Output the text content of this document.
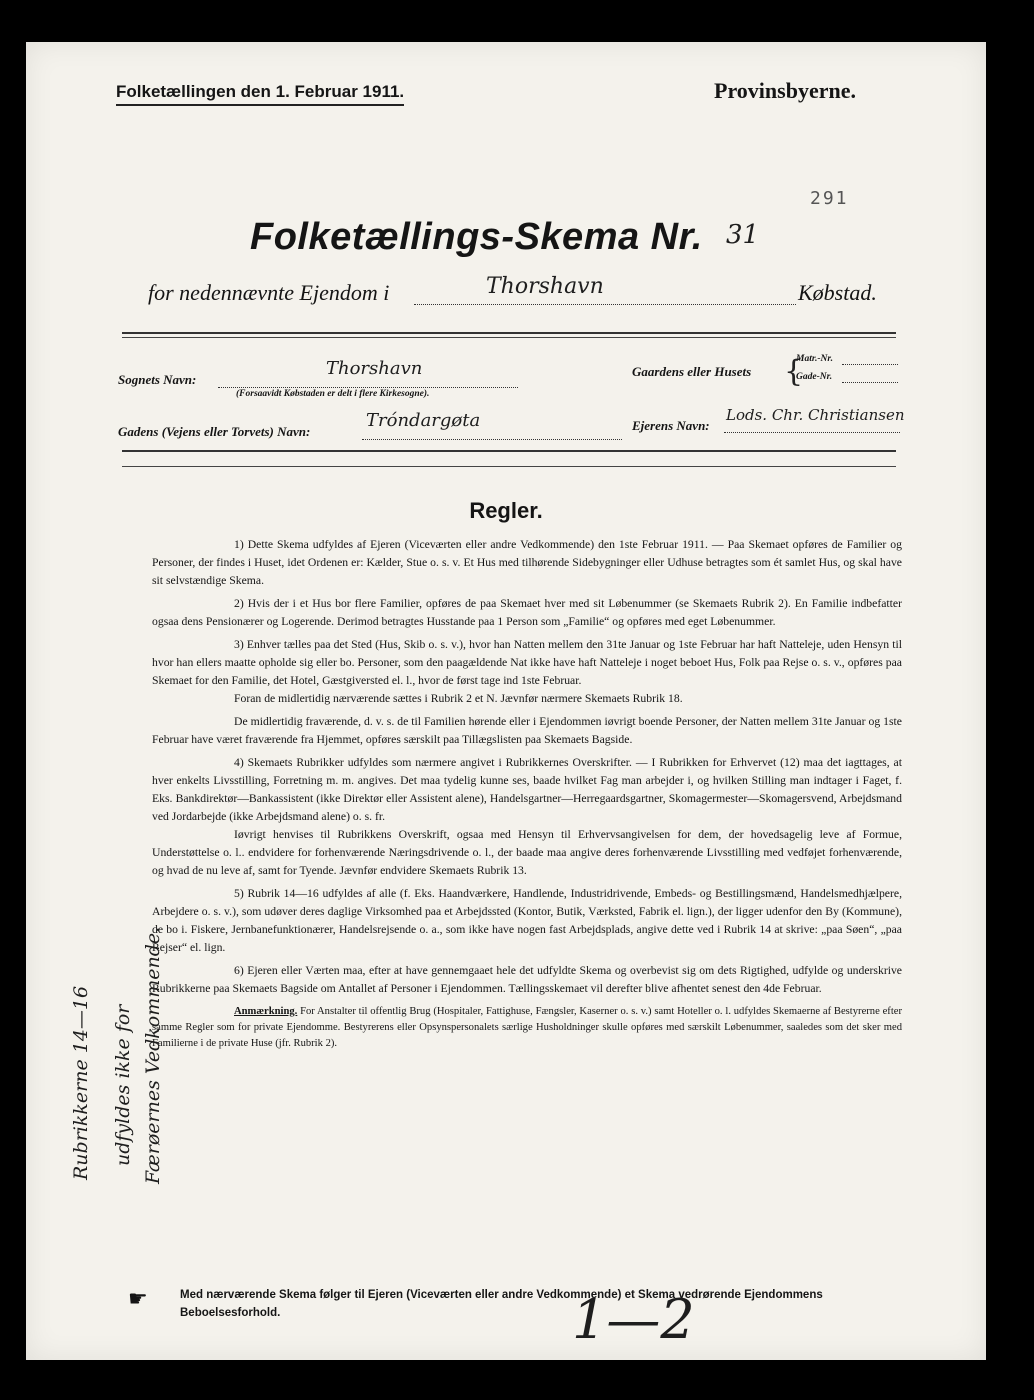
Folketællingen den 1. Februar 1911.	Provinsbyerne.
291
Folketællings-Skema Nr. 31
for nedennævnte Ejendom i	Thorshavn	Købstad.
Sognets Navn:
Thorshavn
(Forsaavidt Købstaden er delt i flere Kirkesogne).
Gaardens eller Husets {
Matr.-Nr.
Gade-Nr.
Gadens (Vejens eller Torvets) Navn:
Tróndargøta	Ejerens Navn:
Lods. Chr. Christiansen
Regler.

1) Dette Skema udfyldes af Ejeren (Viceværten eller andre Vedkommende) den 1ste Februar 1911. — Paa Skemaet opføres de Familier og Personer, der findes i Huset, idet Ordenen er: Kælder, Stue o. s. v. Et Hus med tilhørende Sidebygninger eller Udhuse betragtes som ét samlet Hus, og skal have sit selvstændige Skema.

2) Hvis der i et Hus bor flere Familier, opføres de paa Skemaet hver med sit Løbenummer (se Skemaets Rubrik 2). En Familie indbefatter ogsaa dens Pensionærer og Logerende. Derimod betragtes Husstande paa 1 Person som „Familie“ og opføres med eget Løbenummer.

3) Enhver tælles paa det Sted (Hus, Skib o. s. v.), hvor han Natten mellem den 31te Januar og 1ste Februar har haft Natteleje, uden Hensyn til hvor han ellers maatte opholde sig eller bo. Personer, som den paagældende Nat ikke have haft Natteleje i noget beboet Hus, Folk paa Rejse o. s. v., opføres paa Skemaet for den Familie, det Hotel, Gæstgiversted el. l., hvor de først tage ind 1ste Februar.

Foran de midlertidig nærværende sættes i Rubrik 2 et N. Jævnfør nærmere Skemaets Rubrik 18.

De midlertidig fraværende, d. v. s. de til Familien hørende eller i Ejendommen iøvrigt boende Personer, der Natten mellem 31te Januar og 1ste Februar have været fraværende fra Hjemmet, opføres særskilt paa Tillægslisten paa Skemaets Bagside.

4) Skemaets Rubrikker udfyldes som nærmere angivet i Rubrikkernes Overskrifter. — I Rubrikken for Erhvervet (12) maa det iagttages, at hver enkelts Livsstilling, Forretning m. m. angives. Det maa tydelig kunne ses, baade hvilket Fag man arbejder i, og hvilken Stilling man indtager i Faget, f. Eks. Bankdirektør—Bankassistent (ikke Direktør eller Assistent alene), Handelsgartner—Herregaardsgartner, Skomagermester—Skomagersvend, Arbejdsmand ved Jordarbejde (ikke Arbejdsmand alene) o. s. fr.

Iøvrigt henvises til Rubrikkens Overskrift, ogsaa med Hensyn til Erhvervsangivelsen for dem, der hovedsagelig leve af Formue, Understøttelse o. l.. endvidere for forhenværende Næringsdrivende o. l., der baade maa angive deres forhenværende Livsstilling med vedføjet forhenværende, og hvad de nu leve af, samt for Tyende. Jævnfør endvidere Skemaets Rubrik 13.

5) Rubrik 14—16 udfyldes af alle (f. Eks. Haandværkere, Handlende, Industridrivende, Embeds- og Bestillingsmænd, Handelsmedhjælpere, Arbejdere o. s. v.), som udøver deres daglige Virksomhed paa et Arbejdssted (Kontor, Butik, Værksted, Fabrik el. lign.), der ligger udenfor den By (Kommune), de bo i. Fiskere, Jernbanefunktionærer, Handelsrejsende o. a., som ikke have nogen fast Arbejdsplads, angive dette ved i Rubrik 14 at skrive: „paa Søen“, „paa Rejser“ el. lign.

6) Ejeren eller Værten maa, efter at have gennemgaaet hele det udfyldte Skema og overbevist sig om dets Rigtighed, udfylde og underskrive Rubrikkerne paa Skemaets Bagside om Antallet af Personer i Ejendommen. Tællingsskemaet vil derefter blive afhentet senest den 4de Februar.

Anmærkning. For Anstalter til offentlig Brug (Hospitaler, Fattighuse, Fængsler, Kaserner o. s. v.) samt Hoteller o. l. udfyldes Skemaerne af Bestyrerne efter samme Regler som for private Ejendomme. Bestyrerens eller Opsynspersonalets særlige Husholdninger skulle opføres med særskilt Løbenummer, saaledes som det sker med Familierne i de private Huse (jfr. Rubrik 2).

Rubrikkerne 14—16 udfyldes ikke for Færøernes Vedkommende.
☛	Med nærværende Skema følger til Ejeren (Viceværten eller andre Vedkommende) et Skema vedrørende Ejendommens Beboelsesforhold.	1—2
